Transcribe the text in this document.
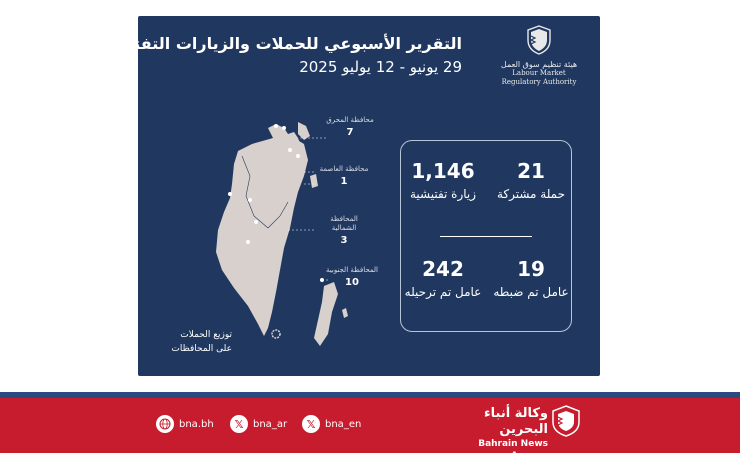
التقرير الأسبوعي للحملات والزيارات التفتيشية
29 يونيو - 12 يوليو 2025	هيئة تنظيم سوق العمل
Labour Market
Regulatory Authority
محافظة المحرق
7
محافظة العاصمة
1
المحافظة الشمالية
3
المحافظة الجنوبية
10
توزيع الحملات على المحافظات
21
حملة مشتركة
1,146
زيارة تفتيشية
19
عامل تم ضبطه
242
عامل تم ترحيله
bna.bh	𝕏 bna_ar	𝕏 bna_en
وكالة أنباء البحرين
Bahrain News Agency
